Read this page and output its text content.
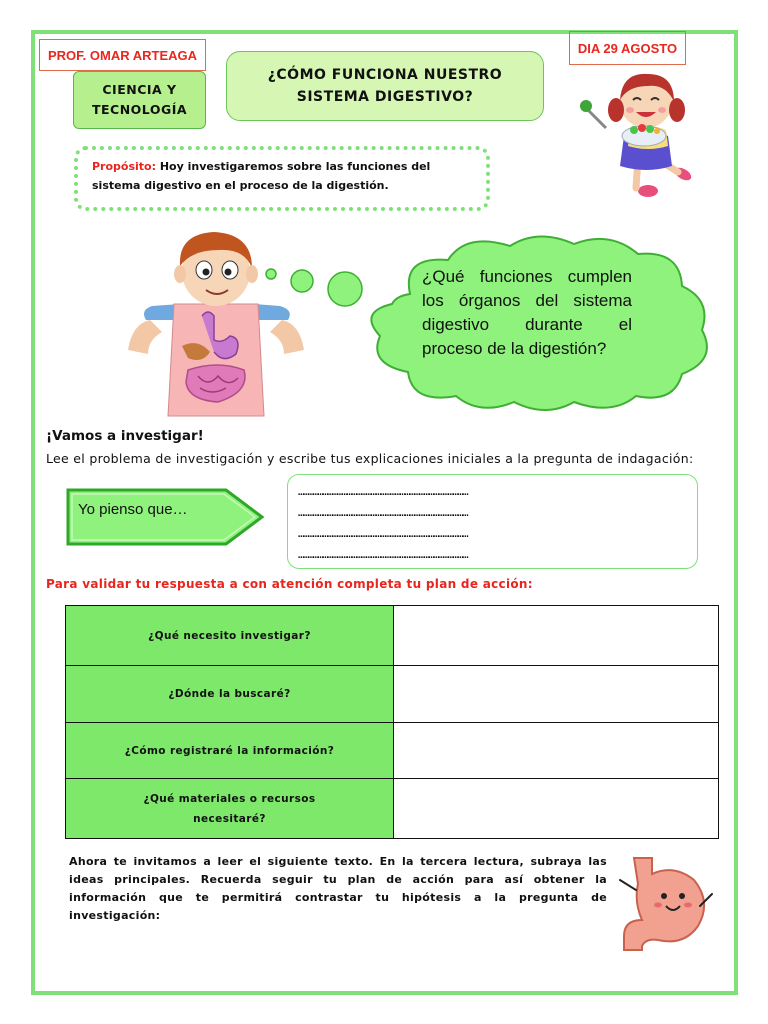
PROF. OMAR ARTEAGA	DIA 29 AGOSTO
CIENCIA Y
TECNOLOGÍA
¿CÓMO FUNCIONA NUESTRO
SISTEMA DIGESTIVO?
Propósito: Hoy investigaremos sobre las funciones del sistema digestivo en el proceso de la digestión.
¿Qué funciones cumplen los órganos del sistema digestivo durante el proceso de la digestión?
¡Vamos a investigar!
Lee el problema de investigación y escribe tus explicaciones iniciales a la pregunta de indagación:
Yo pienso que…
……………………………………………………………………………………………
……………………………………………………………………………………………
……………………………………………………………………………………………
……………………………………………………………………………………………
Para validar tu respuesta a con atención completa tu plan de acción:
¿Qué necesito investigar?	
¿Dónde la buscaré?	
¿Cómo registraré la información?	
¿Qué materiales o recursos necesitaré?	
Ahora te invitamos a leer el siguiente texto. En la tercera lectura, subraya las ideas principales. Recuerda seguir tu plan de acción para así obtener la información que te permitirá contrastar tu hipótesis a la pregunta de investigación:
